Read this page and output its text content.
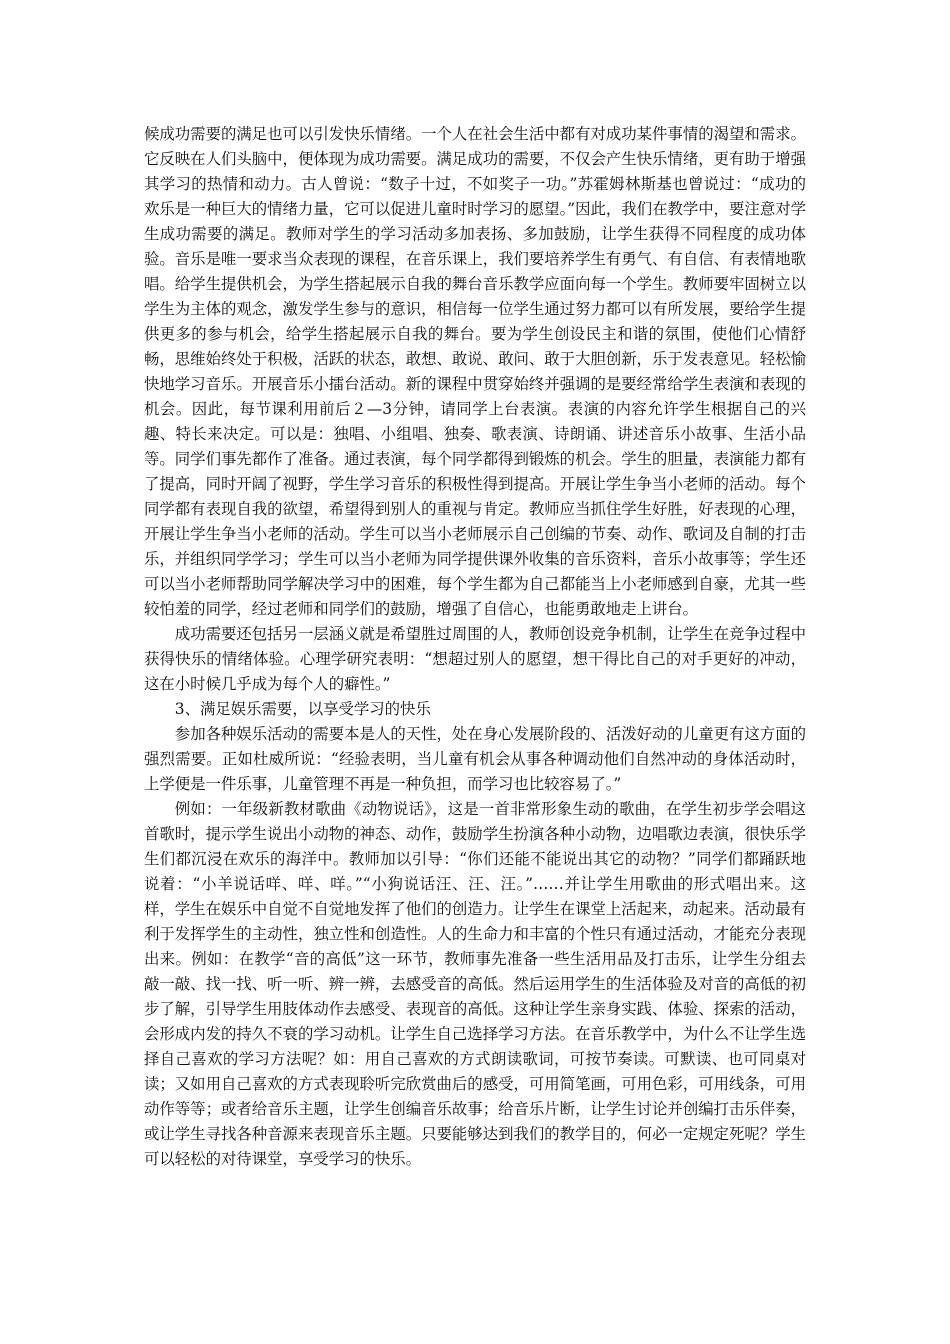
候成功需要的满足也可以引发快乐情绪。一个人在社会生活中都有对成功某件事情的渴望和需求。它反映在人们头脑中，便体现为成功需要。满足成功的需要，不仅会产生快乐情绪，更有助于增强其学习的热情和动力。古人曾说：“数子十过，不如奖子一功。”苏霍姆林斯基也曾说过：“成功的欢乐是一种巨大的情绪力量，它可以促进儿童时时学习的愿望。”因此，我们在教学中，要注意对学生成功需要的满足。教师对学生的学习活动多加表扬、多加鼓励，让学生获得不同程度的成功体验。音乐是唯一要求当众表现的课程，在音乐课上，我们要培养学生有勇气、有自信、有表情地歌唱。给学生提供机会，为学生搭起展示自我的舞台音乐教学应面向每一个学生。教师要牢固树立以学生为主体的观念，激发学生参与的意识，相信每一位学生通过努力都可以有所发展，要给学生提供更多的参与机会，给学生搭起展示自我的舞台。要为学生创设民主和谐的氛围，使他们心情舒畅，思维始终处于积极，活跃的状态，敢想、敢说、敢问、敢于大胆创新，乐于发表意见。轻松愉快地学习音乐。开展音乐小擂台活动。新的课程中贯穿始终并强调的是要经常给学生表演和表现的机会。因此，每节课利用前后２—3分钟，请同学上台表演。表演的内容允许学生根据自己的兴趣、特长来决定。可以是：独唱、小组唱、独奏、歌表演、诗朗诵、讲述音乐小故事、生活小品等。同学们事先都作了准备。通过表演，每个同学都得到锻炼的机会。学生的胆量，表演能力都有了提高，同时开阔了视野，学生学习音乐的积极性得到提高。开展让学生争当小老师的活动。每个同学都有表现自我的欲望，希望得到别人的重视与肯定。教师应当抓住学生好胜，好表现的心理，开展让学生争当小老师的活动。学生可以当小老师展示自己创编的节奏、动作、歌词及自制的打击乐，并组织同学学习；学生可以当小老师为同学提供课外收集的音乐资料，音乐小故事等；学生还可以当小老师帮助同学解决学习中的困难，每个学生都为自己都能当上小老师感到自豪，尤其一些较怕羞的同学，经过老师和同学们的鼓励，增强了自信心，也能勇敢地走上讲台。

成功需要还包括另一层涵义就是希望胜过周围的人，教师创设竞争机制，让学生在竞争过程中获得快乐的情绪体验。心理学研究表明：“想超过别人的愿望，想干得比自己的对手更好的冲动，这在小时候几乎成为每个人的癖性。”

3、满足娱乐需要，以享受学习的快乐

参加各种娱乐活动的需要本是人的天性，处在身心发展阶段的、活泼好动的儿童更有这方面的强烈需要。正如杜威所说：“经验表明，当儿童有机会从事各种调动他们自然冲动的身体活动时，上学便是一件乐事，儿童管理不再是一种负担，而学习也比较容易了。”

例如：一年级新教材歌曲《动物说话》，这是一首非常形象生动的歌曲，在学生初步学会唱这首歌时，提示学生说出小动物的神态、动作，鼓励学生扮演各种小动物，边唱歌边表演，很快乐学生们都沉浸在欢乐的海洋中。教师加以引导：“你们还能不能说出其它的动物？”同学们都踊跃地说着：“小羊说话咩、咩、咩。”“小狗说话汪、汪、汪。”……并让学生用歌曲的形式唱出来。这样，学生在娱乐中自觉不自觉地发挥了他们的创造力。让学生在课堂上活起来，动起来。活动最有利于发挥学生的主动性，独立性和创造性。人的生命力和丰富的个性只有通过活动，才能充分表现出来。例如：在教学“音的高低”这一环节，教师事先准备一些生活用品及打击乐，让学生分组去敲一敲、找一找、听一听、辨一辨，去感受音的高低。然后运用学生的生活体验及对音的高低的初步了解，引导学生用肢体动作去感受、表现音的高低。这种让学生亲身实践、体验、探索的活动，会形成内发的持久不衰的学习动机。让学生自己选择学习方法。在音乐教学中，为什么不让学生选择自己喜欢的学习方法呢？如：用自己喜欢的方式朗读歌词，可按节奏读。可默读、也可同桌对读；又如用自己喜欢的方式表现聆听完欣赏曲后的感受，可用简笔画，可用色彩，可用线条，可用动作等等；或者给音乐主题，让学生创编音乐故事；给音乐片断，让学生讨论并创编打击乐伴奏，或让学生寻找各种音源来表现音乐主题。只要能够达到我们的教学目的，何必一定规定死呢？学生可以轻松的对待课堂，享受学习的快乐。
